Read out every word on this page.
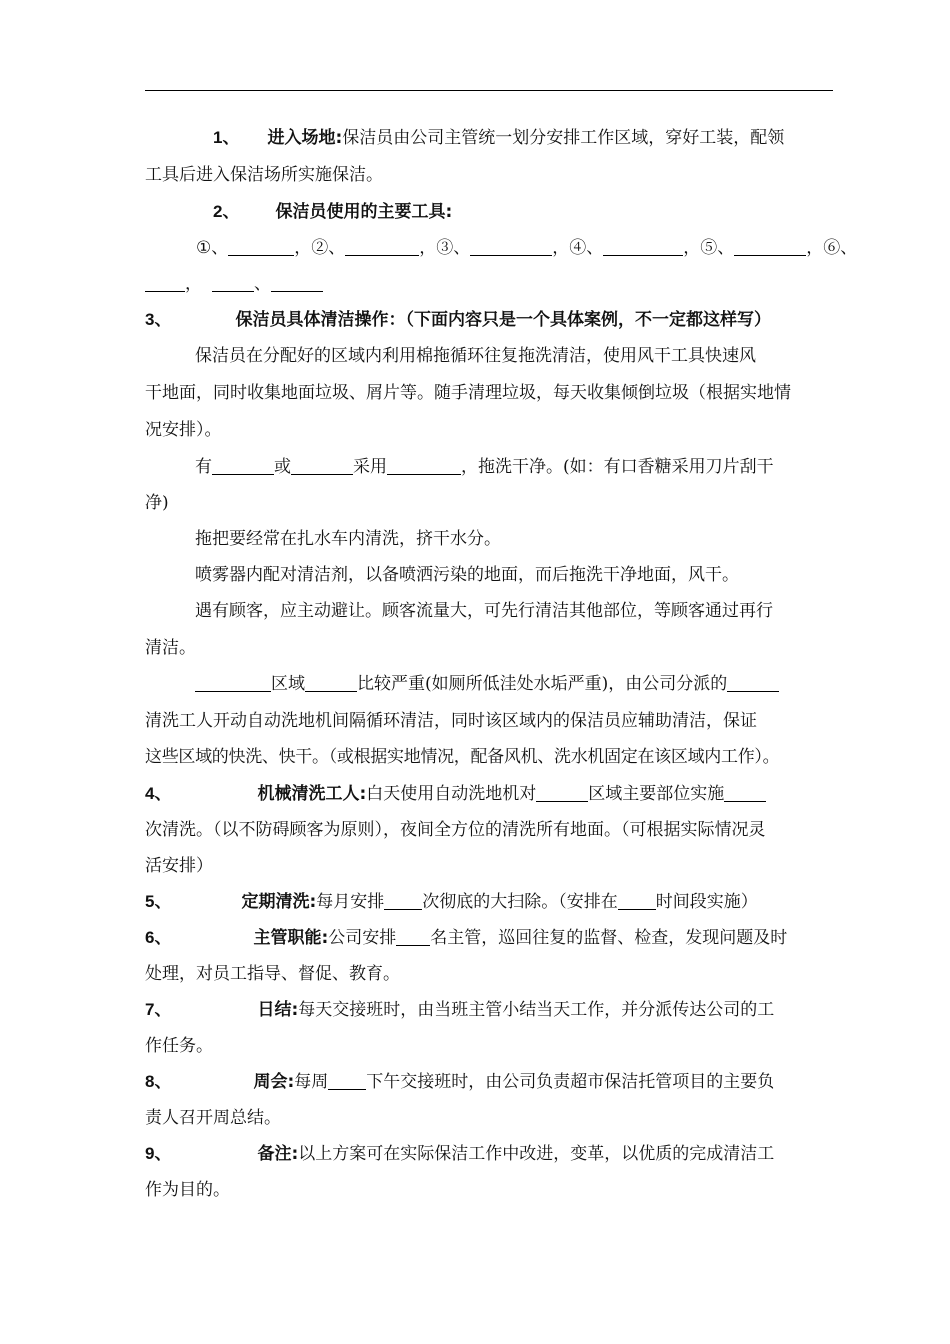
1、 进入场地:保洁员由公司主管统一划分安排工作区域，穿好工装，配领
工具后进入保洁场所实施保洁。
2、 保洁员使用的主要工具:
①、	，②、	，③、	，④、	，⑤、	，⑥、
，	、
3、	保洁员具体清洁操作：（下面内容只是一个具体案例，不一定都这样写）
保洁员在分配好的区域内利用棉拖循环往复拖洗清洁，使用风干工具快速风
干地面，同时收集地面垃圾、屑片等。随手清理垃圾，每天收集倾倒垃圾（根据实地情
况安排）。
有	或	采用	，拖洗干净。(如：有口香糖采用刀片刮干
净)
拖把要经常在扎水车内清洗，挤干水分。
喷雾器内配对清洁剂，以备喷洒污染的地面，而后拖洗干净地面，风干。
遇有顾客，应主动避让。顾客流量大，可先行清洁其他部位，等顾客通过再行
清洁。
区域	比较严重(如厕所低洼处水垢严重)，由公司分派的
清洗工人开动自动洗地机间隔循环清洁，同时该区域内的保洁员应辅助清洁，保证
这些区域的快洗、快干。（或根据实地情况，配备风机、洗水机固定在该区域内工作）。
4、	机械清洗工人:白天使用自动洗地机对	区域主要部位实施
次清洗。（以不防碍顾客为原则），夜间全方位的清洗所有地面。（可根据实际情况灵
活安排）
5、	定期清洗:每月安排 次彻底的大扫除。（安排在 时间段实施）
6、	主管职能:公司安排 名主管，巡回往复的监督、检查，发现问题及时
处理，对员工指导、督促、教育。
7、	日结:每天交接班时，由当班主管小结当天工作，并分派传达公司的工
作任务。
8、	周会:每周 下午交接班时，由公司负责超市保洁托管项目的主要负
责人召开周总结。
9、	备注:以上方案可在实际保洁工作中改进，变革，以优质的完成清洁工
作为目的。
